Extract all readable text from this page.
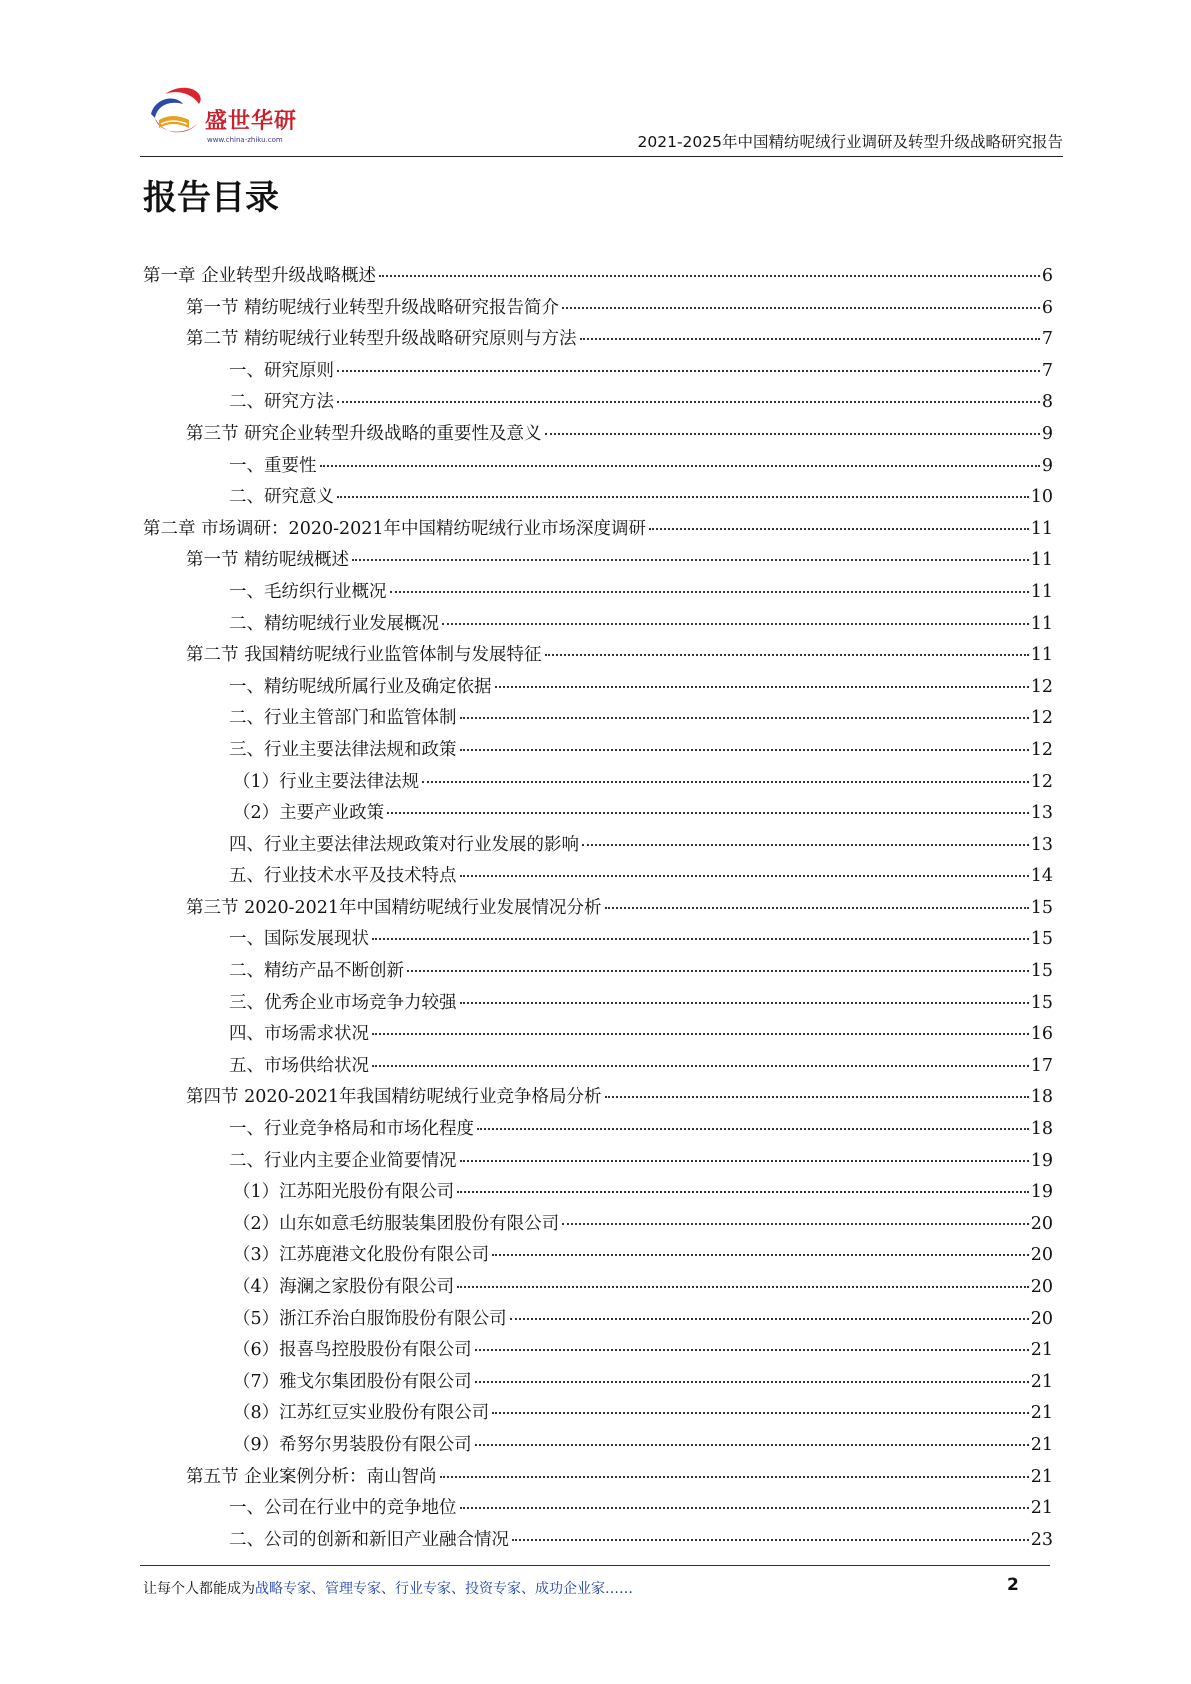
盛世华研
www.china-zhiku.com	2021-2025年中国精纺呢绒行业调研及转型升级战略研究报告
报告目录
第一章 企业转型升级战略概述	6
第一节 精纺呢绒行业转型升级战略研究报告简介	6
第二节 精纺呢绒行业转型升级战略研究原则与方法	7
一、研究原则	7
二、研究方法	8
第三节 研究企业转型升级战略的重要性及意义	9
一、重要性	9
二、研究意义	10
第二章 市场调研：2020-2021年中国精纺呢绒行业市场深度调研	11
第一节 精纺呢绒概述	11
一、毛纺织行业概况	11
二、精纺呢绒行业发展概况	11
第二节 我国精纺呢绒行业监管体制与发展特征	11
一、精纺呢绒所属行业及确定依据	12
二、行业主管部门和监管体制	12
三、行业主要法律法规和政策	12
（1）行业主要法律法规	12
（2）主要产业政策	13
四、行业主要法律法规政策对行业发展的影响	13
五、行业技术水平及技术特点	14
第三节 2020-2021年中国精纺呢绒行业发展情况分析	15
一、国际发展现状	15
二、精纺产品不断创新	15
三、优秀企业市场竞争力较强	15
四、市场需求状况	16
五、市场供给状况	17
第四节 2020-2021年我国精纺呢绒行业竞争格局分析	18
一、行业竞争格局和市场化程度	18
二、行业内主要企业简要情况	19
（1）江苏阳光股份有限公司	19
（2）山东如意毛纺服装集团股份有限公司	20
（3）江苏鹿港文化股份有限公司	20
（4）海澜之家股份有限公司	20
（5）浙江乔治白服饰股份有限公司	20
（6）报喜鸟控股股份有限公司	21
（7）雅戈尔集团股份有限公司	21
（8）江苏红豆实业股份有限公司	21
（9）希努尔男装股份有限公司	21
第五节 企业案例分析：南山智尚	21
一、公司在行业中的竞争地位	21
二、公司的创新和新旧产业融合情况	23
让每个人都能成为战略专家、管理专家、行业专家、投资专家、成功企业家……	2
